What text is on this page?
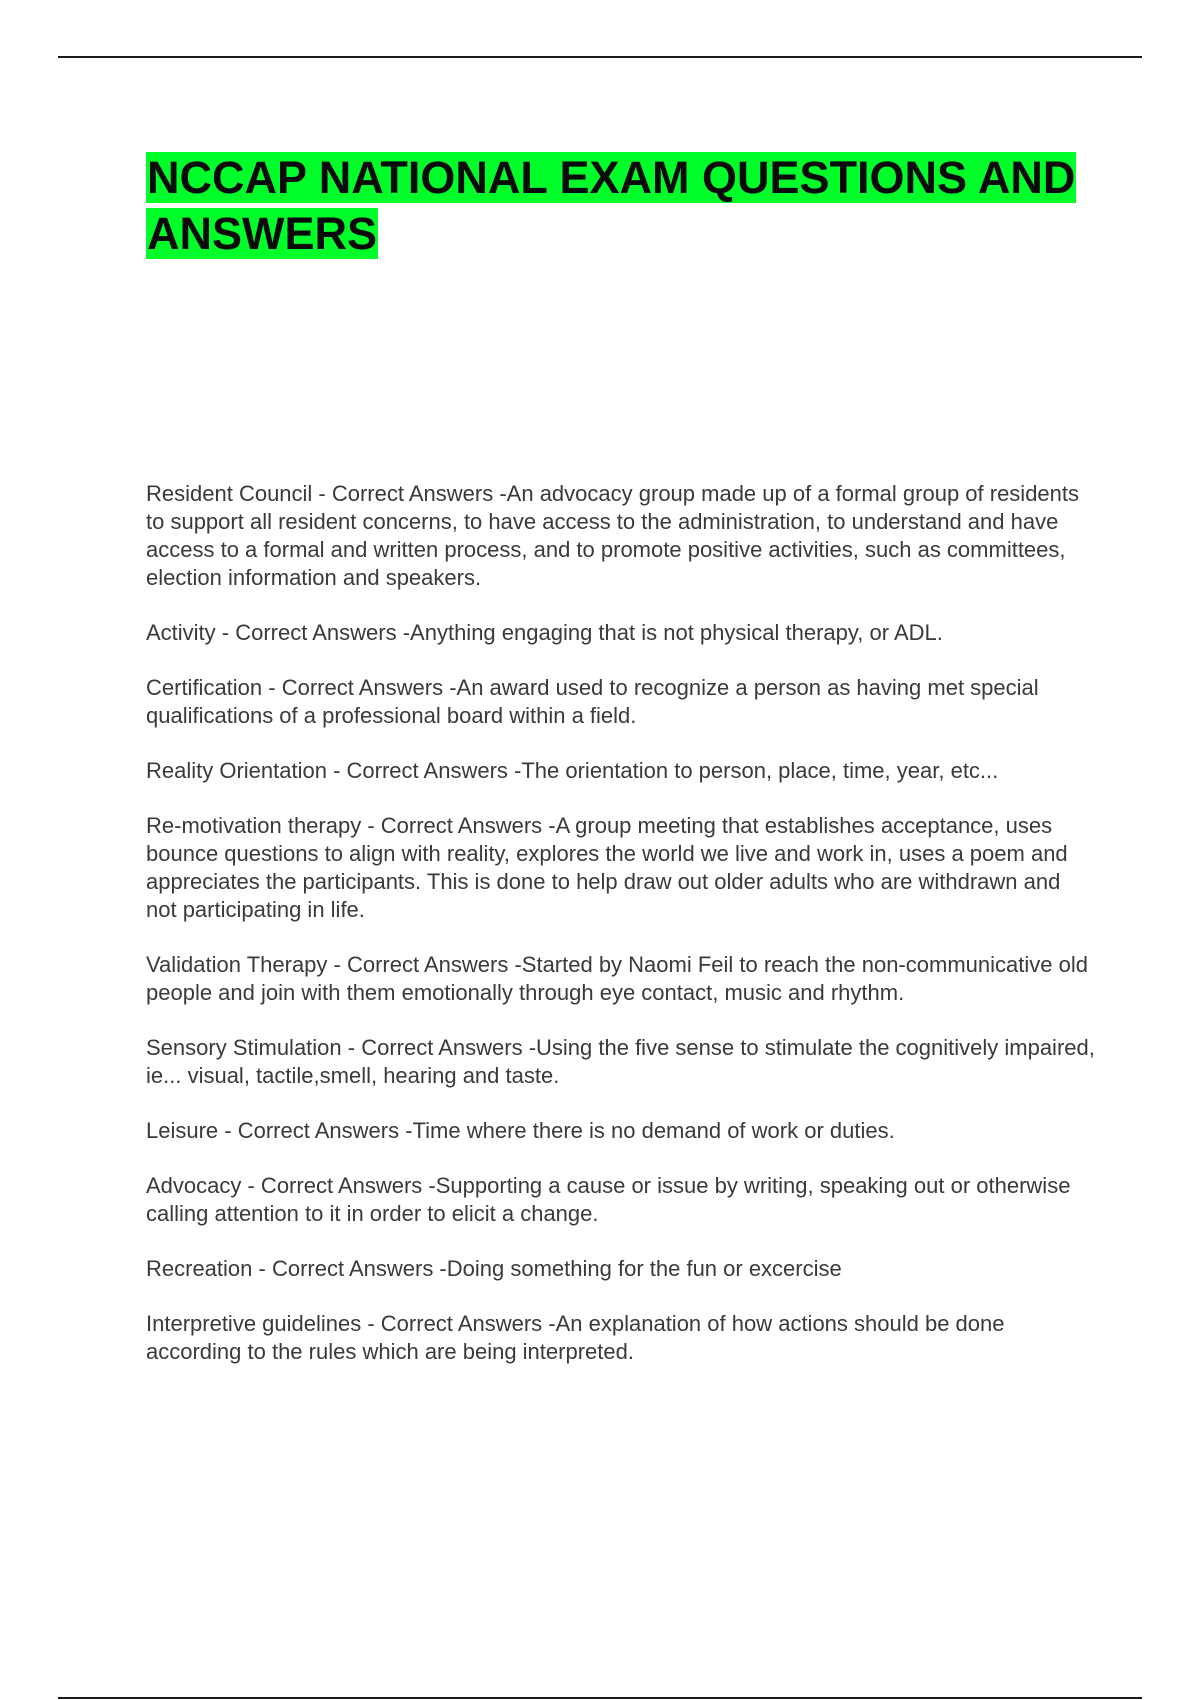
NCCAP NATIONAL EXAM QUESTIONS AND ANSWERS
Resident Council - Correct Answers -An advocacy group made up of a formal group of residents to support all resident concerns, to have access to the administration, to understand and have access to a formal and written process, and to promote positive activities, such as committees, election information and speakers.
Activity - Correct Answers -Anything engaging that is not physical therapy, or ADL.
Certification - Correct Answers -An award used to recognize a person as having met special qualifications of a professional board within a field.
Reality Orientation - Correct Answers -The orientation to person, place, time, year, etc...
Re-motivation therapy - Correct Answers -A group meeting that establishes acceptance, uses bounce questions to align with reality, explores the world we live and work in, uses a poem and appreciates the participants. This is done to help draw out older adults who are withdrawn and not participating in life.
Validation Therapy - Correct Answers -Started by Naomi Feil to reach the non-communicative old people and join with them emotionally through eye contact, music and rhythm.
Sensory Stimulation - Correct Answers -Using the five sense to stimulate the cognitively impaired, ie... visual, tactile,smell, hearing and taste.
Leisure - Correct Answers -Time where there is no demand of work or duties.
Advocacy - Correct Answers -Supporting a cause or issue by writing, speaking out or otherwise calling attention to it in order to elicit a change.
Recreation - Correct Answers -Doing something for the fun or excercise
Interpretive guidelines - Correct Answers -An explanation of how actions should be done according to the rules which are being interpreted.
